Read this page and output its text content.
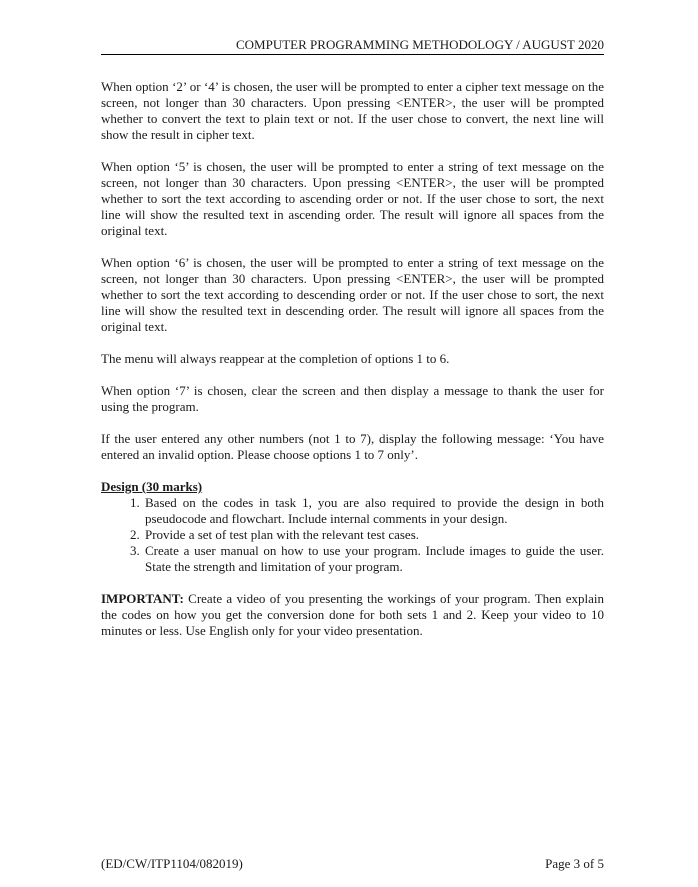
COMPUTER PROGRAMMING METHODOLOGY / AUGUST 2020

When option ‘2’ or ‘4’ is chosen, the user will be prompted to enter a cipher text message on the screen, not longer than 30 characters. Upon pressing <ENTER>, the user will be prompted whether to convert the text to plain text or not. If the user chose to convert, the next line will show the result in cipher text.

When option ‘5’ is chosen, the user will be prompted to enter a string of text message on the screen, not longer than 30 characters. Upon pressing <ENTER>, the user will be prompted whether to sort the text according to ascending order or not. If the user chose to sort, the next line will show the resulted text in ascending order. The result will ignore all spaces from the original text.

When option ‘6’ is chosen, the user will be prompted to enter a string of text message on the screen, not longer than 30 characters. Upon pressing <ENTER>, the user will be prompted whether to sort the text according to descending order or not. If the user chose to sort, the next line will show the resulted text in descending order. The result will ignore all spaces from the original text.

The menu will always reappear at the completion of options 1 to 6.

When option ‘7’ is chosen, clear the screen and then display a message to thank the user for using the program.

If the user entered any other numbers (not 1 to 7), display the following message: ‘You have entered an invalid option. Please choose options 1 to 7 only’.

Design (30 marks)

1. Based on the codes in task 1, you are also required to provide the design in both pseudocode and flowchart. Include internal comments in your design.
2. Provide a set of test plan with the relevant test cases.
3. Create a user manual on how to use your program. Include images to guide the user. State the strength and limitation of your program.

IMPORTANT: Create a video of you presenting the workings of your program. Then explain the codes on how you get the conversion done for both sets 1 and 2. Keep your video to 10 minutes or less. Use English only for your video presentation.

(ED/CW/ITP1104/082019)	Page 3 of 5
